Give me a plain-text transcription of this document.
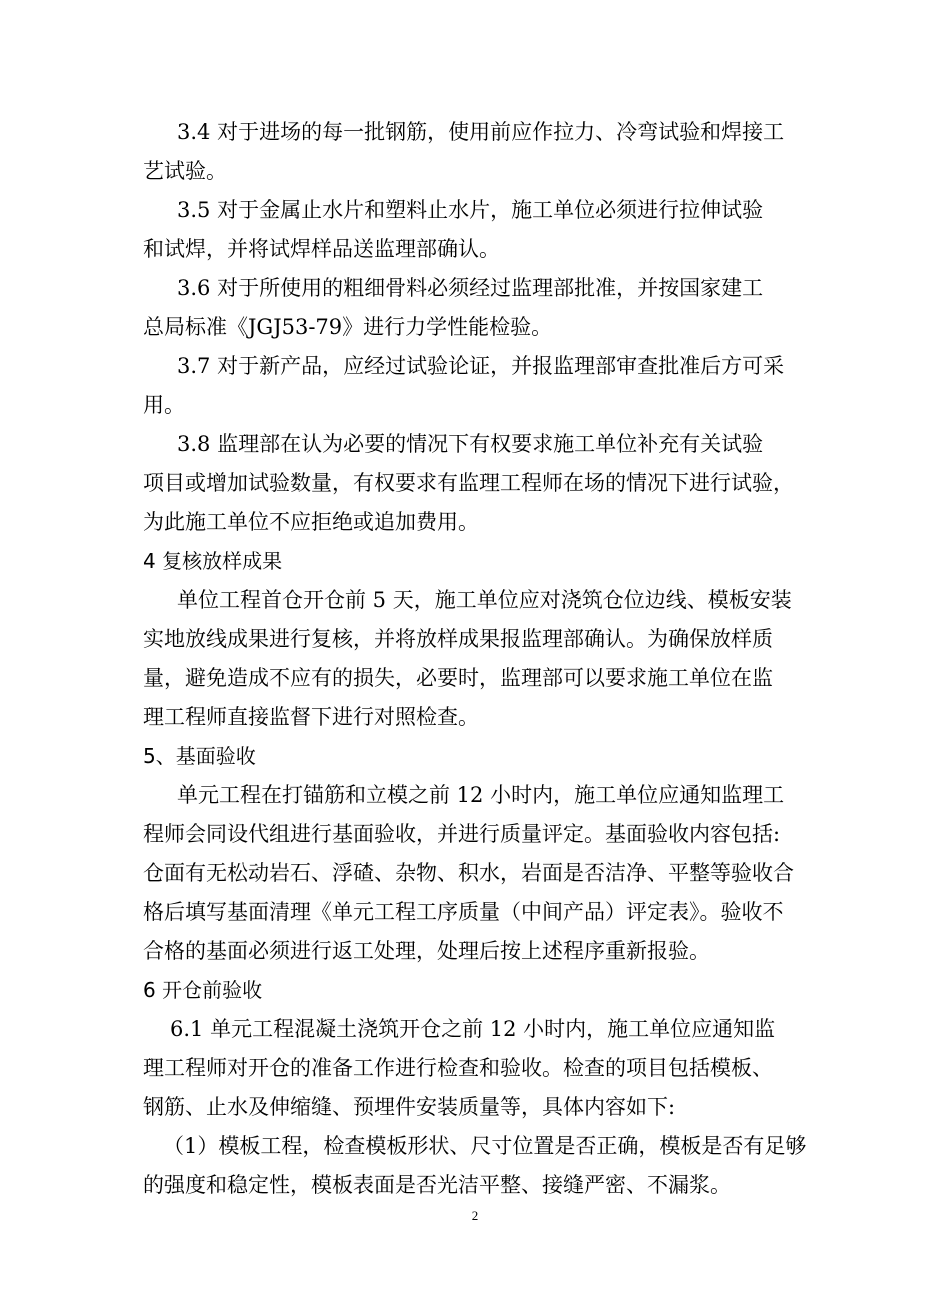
3.4 对于进场的每一批钢筋，使用前应作拉力、冷弯试验和焊接工
艺试验。
3.5 对于金属止水片和塑料止水片，施工单位必须进行拉伸试验
和试焊，并将试焊样品送监理部确认。
3.6 对于所使用的粗细骨料必须经过监理部批准，并按国家建工
总局标准《JGJ53-79》进行力学性能检验。
3.7 对于新产品，应经过试验论证，并报监理部审查批准后方可采
用。
3.8 监理部在认为必要的情况下有权要求施工单位补充有关试验
项目或增加试验数量，有权要求有监理工程师在场的情况下进行试验，
为此施工单位不应拒绝或追加费用。
4 复核放样成果
单位工程首仓开仓前 5 天，施工单位应对浇筑仓位边线、模板安装
实地放线成果进行复核，并将放样成果报监理部确认。为确保放样质
量，避免造成不应有的损失，必要时，监理部可以要求施工单位在监
理工程师直接监督下进行对照检查。
5、基面验收
单元工程在打锚筋和立模之前 12 小时内，施工单位应通知监理工
程师会同设代组进行基面验收，并进行质量评定。基面验收内容包括:
仓面有无松动岩石、浮碴、杂物、积水，岩面是否洁净、平整等验收合
格后填写基面清理《单元工程工序质量（中间产品）评定表》。验收不
合格的基面必须进行返工处理，处理后按上述程序重新报验。
6 开仓前验收
6.1 单元工程混凝土浇筑开仓之前 12 小时内，施工单位应通知监
理工程师对开仓的准备工作进行检查和验收。检查的项目包括模板、
钢筋、止水及伸缩缝、预埋件安装质量等，具体内容如下:
（1）模板工程，检查模板形状、尺寸位置是否正确，模板是否有足够
的强度和稳定性，模板表面是否光洁平整、接缝严密、不漏浆。
2
